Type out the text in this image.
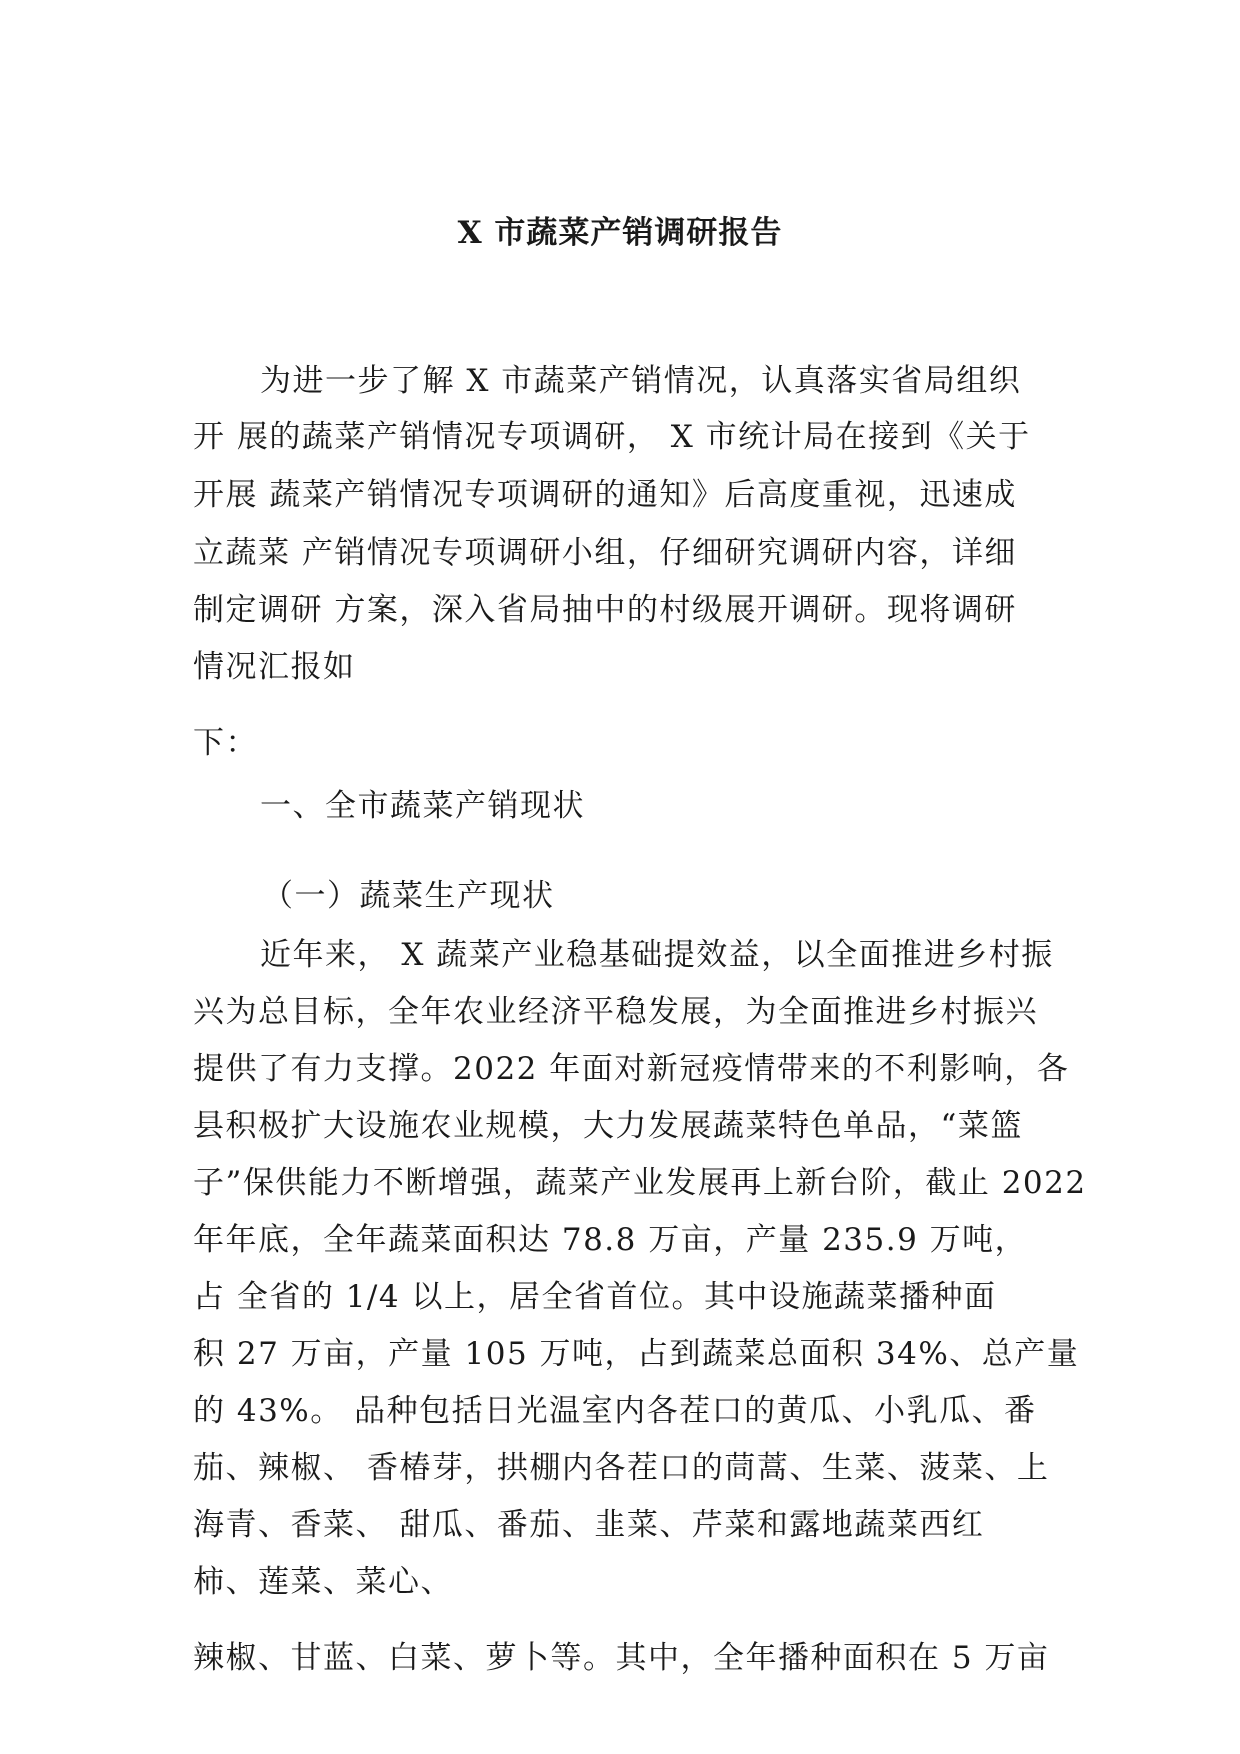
X 市蔬菜产销调研报告
为进一步了解 X 市蔬菜产销情况，认真落实省局组织
开 展的蔬菜产销情况专项调研， X 市统计局在接到《关于
开展 蔬菜产销情况专项调研的通知》后高度重视，迅速成
立蔬菜 产销情况专项调研小组，仔细研究调研内容，详细
制定调研 方案，深入省局抽中的村级展开调研。现将调研
情况汇报如
下：
一、全市蔬菜产销现状
（一）蔬菜生产现状
近年来， X 蔬菜产业稳基础提效益，以全面推进乡村振
兴为总目标，全年农业经济平稳发展，为全面推进乡村振兴
提供了有力支撑。2022 年面对新冠疫情带来的不利影响，各
县积极扩大设施农业规模，大力发展蔬菜特色单品，“菜篮
子”保供能力不断增强，蔬菜产业发展再上新台阶，截止 2022
年年底，全年蔬菜面积达 78.8 万亩，产量 235.9 万吨，
占 全省的 1/4 以上，居全省首位。其中设施蔬菜播种面
积 27 万亩，产量 105 万吨，占到蔬菜总面积 34%、总产量
的 43%。 品种包括日光温室内各茬口的黄瓜、小乳瓜、番
茄、辣椒、 香椿芽，拱棚内各茬口的茼蒿、生菜、菠菜、上
海青、香菜、 甜瓜、番茄、韭菜、芹菜和露地蔬菜西红
柿、莲菜、菜心、
辣椒、甘蓝、白菜、萝卜等。其中，全年播种面积在 5 万亩
